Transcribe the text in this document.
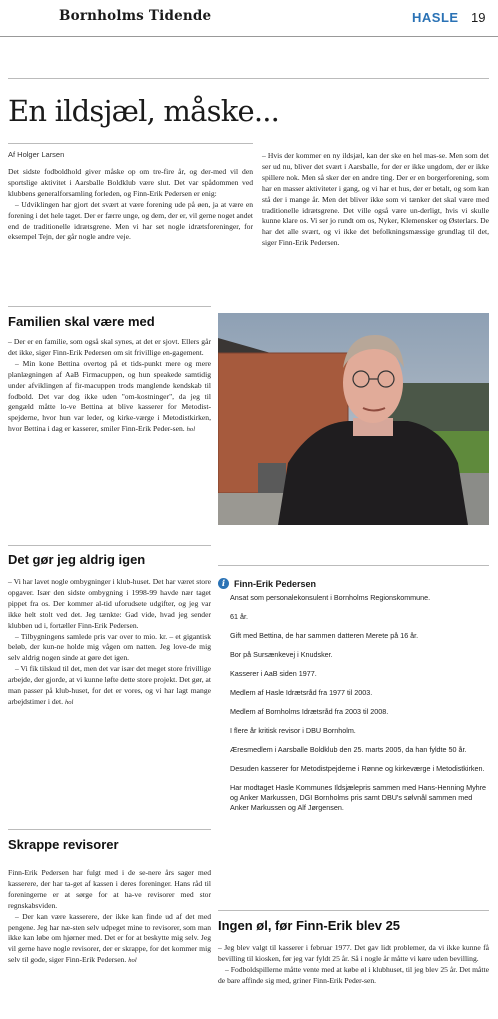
Bornholms Tidende	HASLE 19
En ildsjæl, måske...
Af Holger Larsen

Det sidste fodboldhold giver måske op om tre-fire år, og der-med vil den sportslige aktivitet i Aarsballe Boldklub være slut. Det var spådommen ved klubbens generalforsamling forleden, og Finn-Erik Pedersen er enig:

– Udviklingen har gjort det svært at være forening ude på øen, ja at være en forening i det hele taget. Der er færre unge, og dem, der er, vil gerne noget andet end de traditionelle idrætsgrene. Men vi har set nogle idrætsforeninger, for eksempel Tejn, der går nogle andre veje.

– Hvis der kommer en ny ildsjæl, kan der ske en hel mas-se. Men som det ser ud nu, bliver det svært i Aarsballe, for der er ikke ungdom, der er ikke spillere nok. Men så sker der en andre ting. Der er en borgerforening, som har en masser aktiviteter i gang, og vi har et hus, der er betalt, og som kan stå der i mange år. Men det bliver ikke som vi tænker det skal være med traditionelle idrætsgrene. Det ville også være un-derligt, hvis vi skulle kunne klare os. Vi ser jo rundt om os, Nyker, Klemensker og Østerlars. De har det alle svært, og vi ikke det befolkningsmæssige grundlag til det, siger Finn-Erik Pedersen.

Familien skal være med

– Der er en familie, som også skal synes, at det er sjovt. Ellers går det ikke, siger Finn-Erik Pedersen om sit frivillige en-gagement.

– Min kone Bettina overtog på et tids-punkt mere og mere planlægningen af AaB Firmacuppen, og hun speakede samtidig under afviklingen af fir-macuppen trods manglende kendskab til fodbold. Det var dog ikke uden "om-kostninger", da jeg til gengæld måtte lo-ve Bettina at blive kasserer for Metodist-spejderne, hvor hun var leder, og kirke-værge i Metodistkirken, hvor Bettina i dag er kasserer, smiler Finn-Erik Peder-sen. hol

Det gør jeg aldrig igen

– Vi har lavet nogle ombygninger i klub-huset. Det har været store opgaver. Især den sidste ombygning i 1998-99 havde nær taget pippet fra os. Der kommer al-tid uforudsete udgifter, og jeg var ikke helt stolt ved det. Jeg tænkte: Gad vide, hvad jeg sender klubben ud i, fortæller Finn-Erik Pedersen.

– Tilbygningens samlede pris var over to mio. kr. – et gigantisk beløb, der kun-ne holde mig vågen om natten. Jeg love-de mig selv aldrig nogen sinde at gøre det igen.

– Vi fik tilskud til det, men det var især det meget store frivillige arbejde, der gjorde, at vi kunne løfte dette store projekt. Det gør, at man passer på klub-huset, for det er vores, og vi har lagt mange arbejdstimer i det. hol

i Finn-Erik Pedersen
Ansat som personalekonsulent i Bornholms Regionskommune.
61 år.
Gift med Bettina, de har sammen datteren Merete på 16 år.
Bor på Sursænkevej i Knudsker.
Kasserer i AaB siden 1977.
Medlem af Hasle Idrætsråd fra 1977 til 2003.
Medlem af Bornholms Idrætsråd fra 2003 til 2008.
I flere år kritisk revisor i DBU Bornholm.
Æresmedlem i Aarsballe Boldklub den 25. marts 2005, da han fyldte 50 år.
Desuden kasserer for Metodistpejderne i Rønne og kirkeværge i Metodistkirken.
Har modtaget Hasle Kommunes Ildsjælepris sammen med Hans-Henning Myhre og Anker Markussen, DGI Bornholms pris samt DBU's sølvnål sammen med Anker Markussen og Alf Jørgensen.
Skrappe revisorer

Finn-Erik Pedersen har fulgt med i de se-nere års sager med kasserere, der har ta-get af kassen i deres foreninger. Hans råd til foreningerne er at sørge for at ha-ve revisorer med stor regnskabsviden.

– Der kan være kasserere, der ikke kan finde ud af det med pengene. Jeg har næ-sten selv udpeget mine to revisorer, som man ikke kan løbe om hjørner med. Det er for at beskytte mig selv. Jeg vil gerne have nogle revisorer, der er skrappe, for det kommer mig selv til gode, siger Finn-Erik Pedersen. hol

Ingen øl, før Finn-Erik blev 25

– Jeg blev valgt til kasserer i februar 1977. Det gav lidt problemer, da vi ikke kunne få bevilling til kiosken, før jeg var fyldt 25 år. Så i nogle år måtte vi køre uden bevilling.

– Fodboldspillerne måtte vente med at købe øl i klubhuset, til jeg blev 25 år. Det måtte de bare affinde sig med, griner Finn-Erik Peder-sen.
